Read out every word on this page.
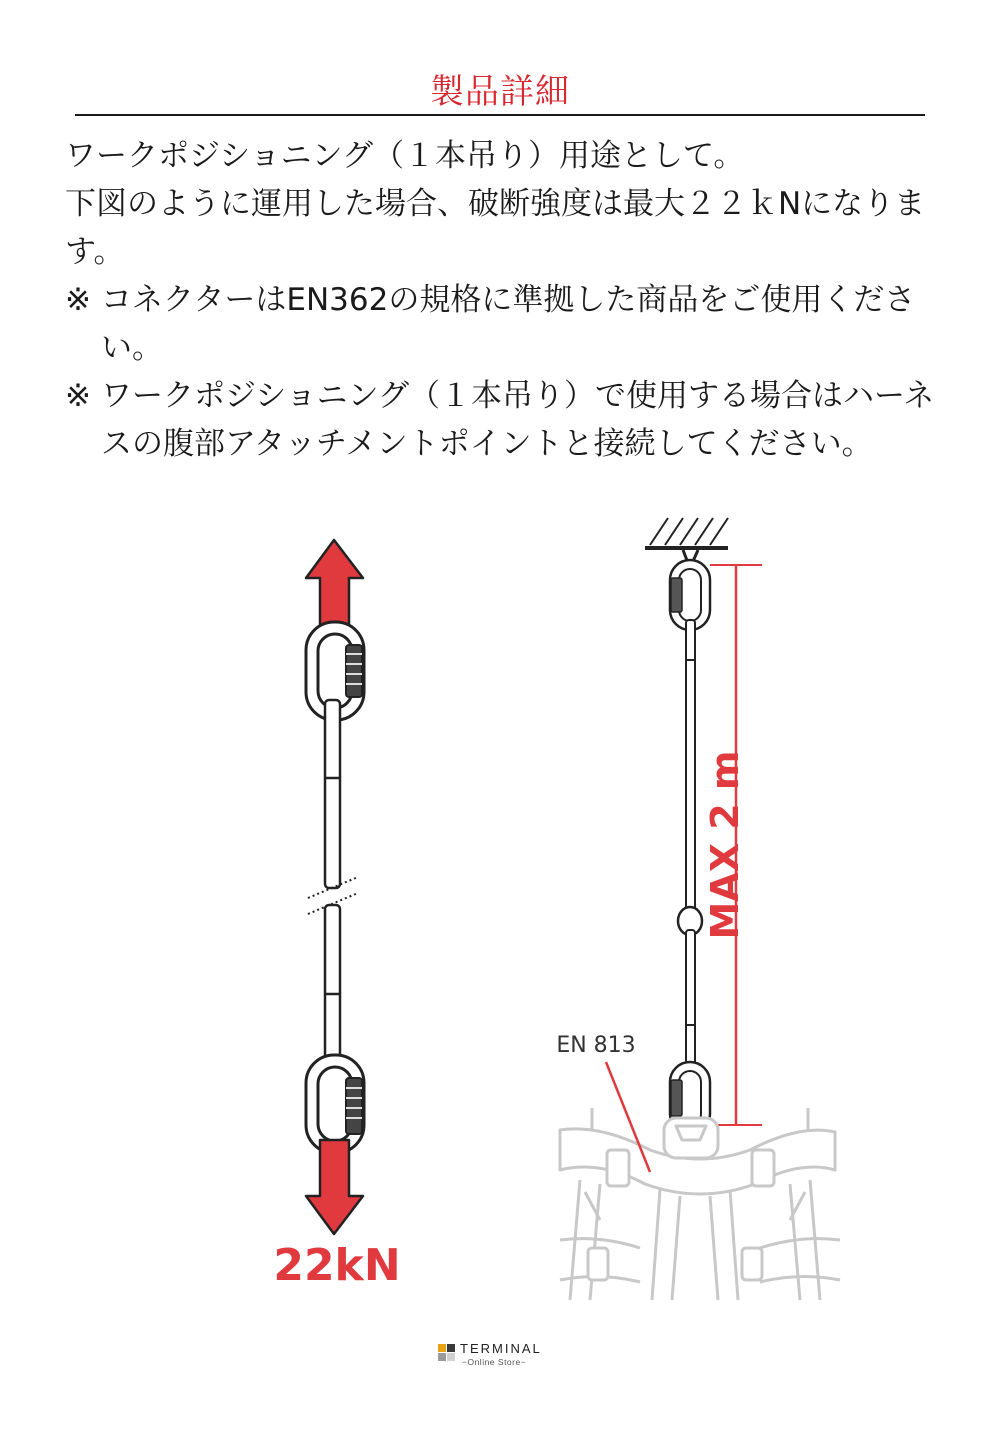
製品詳細

ワークポジショニング（１本吊り）用途として。

下図のように運用した場合、破断強度は最大２２ｋNになります。

※ コネクターはEN362の規格に準拠した商品をご使用ください。
※ ワークポジショニング（１本吊り）で使用する場合はハーネスの腹部アタッチメントポイントと接続してください。
22kN
MAX 2 m
EN 813
TERMINAL
−Online Store−
